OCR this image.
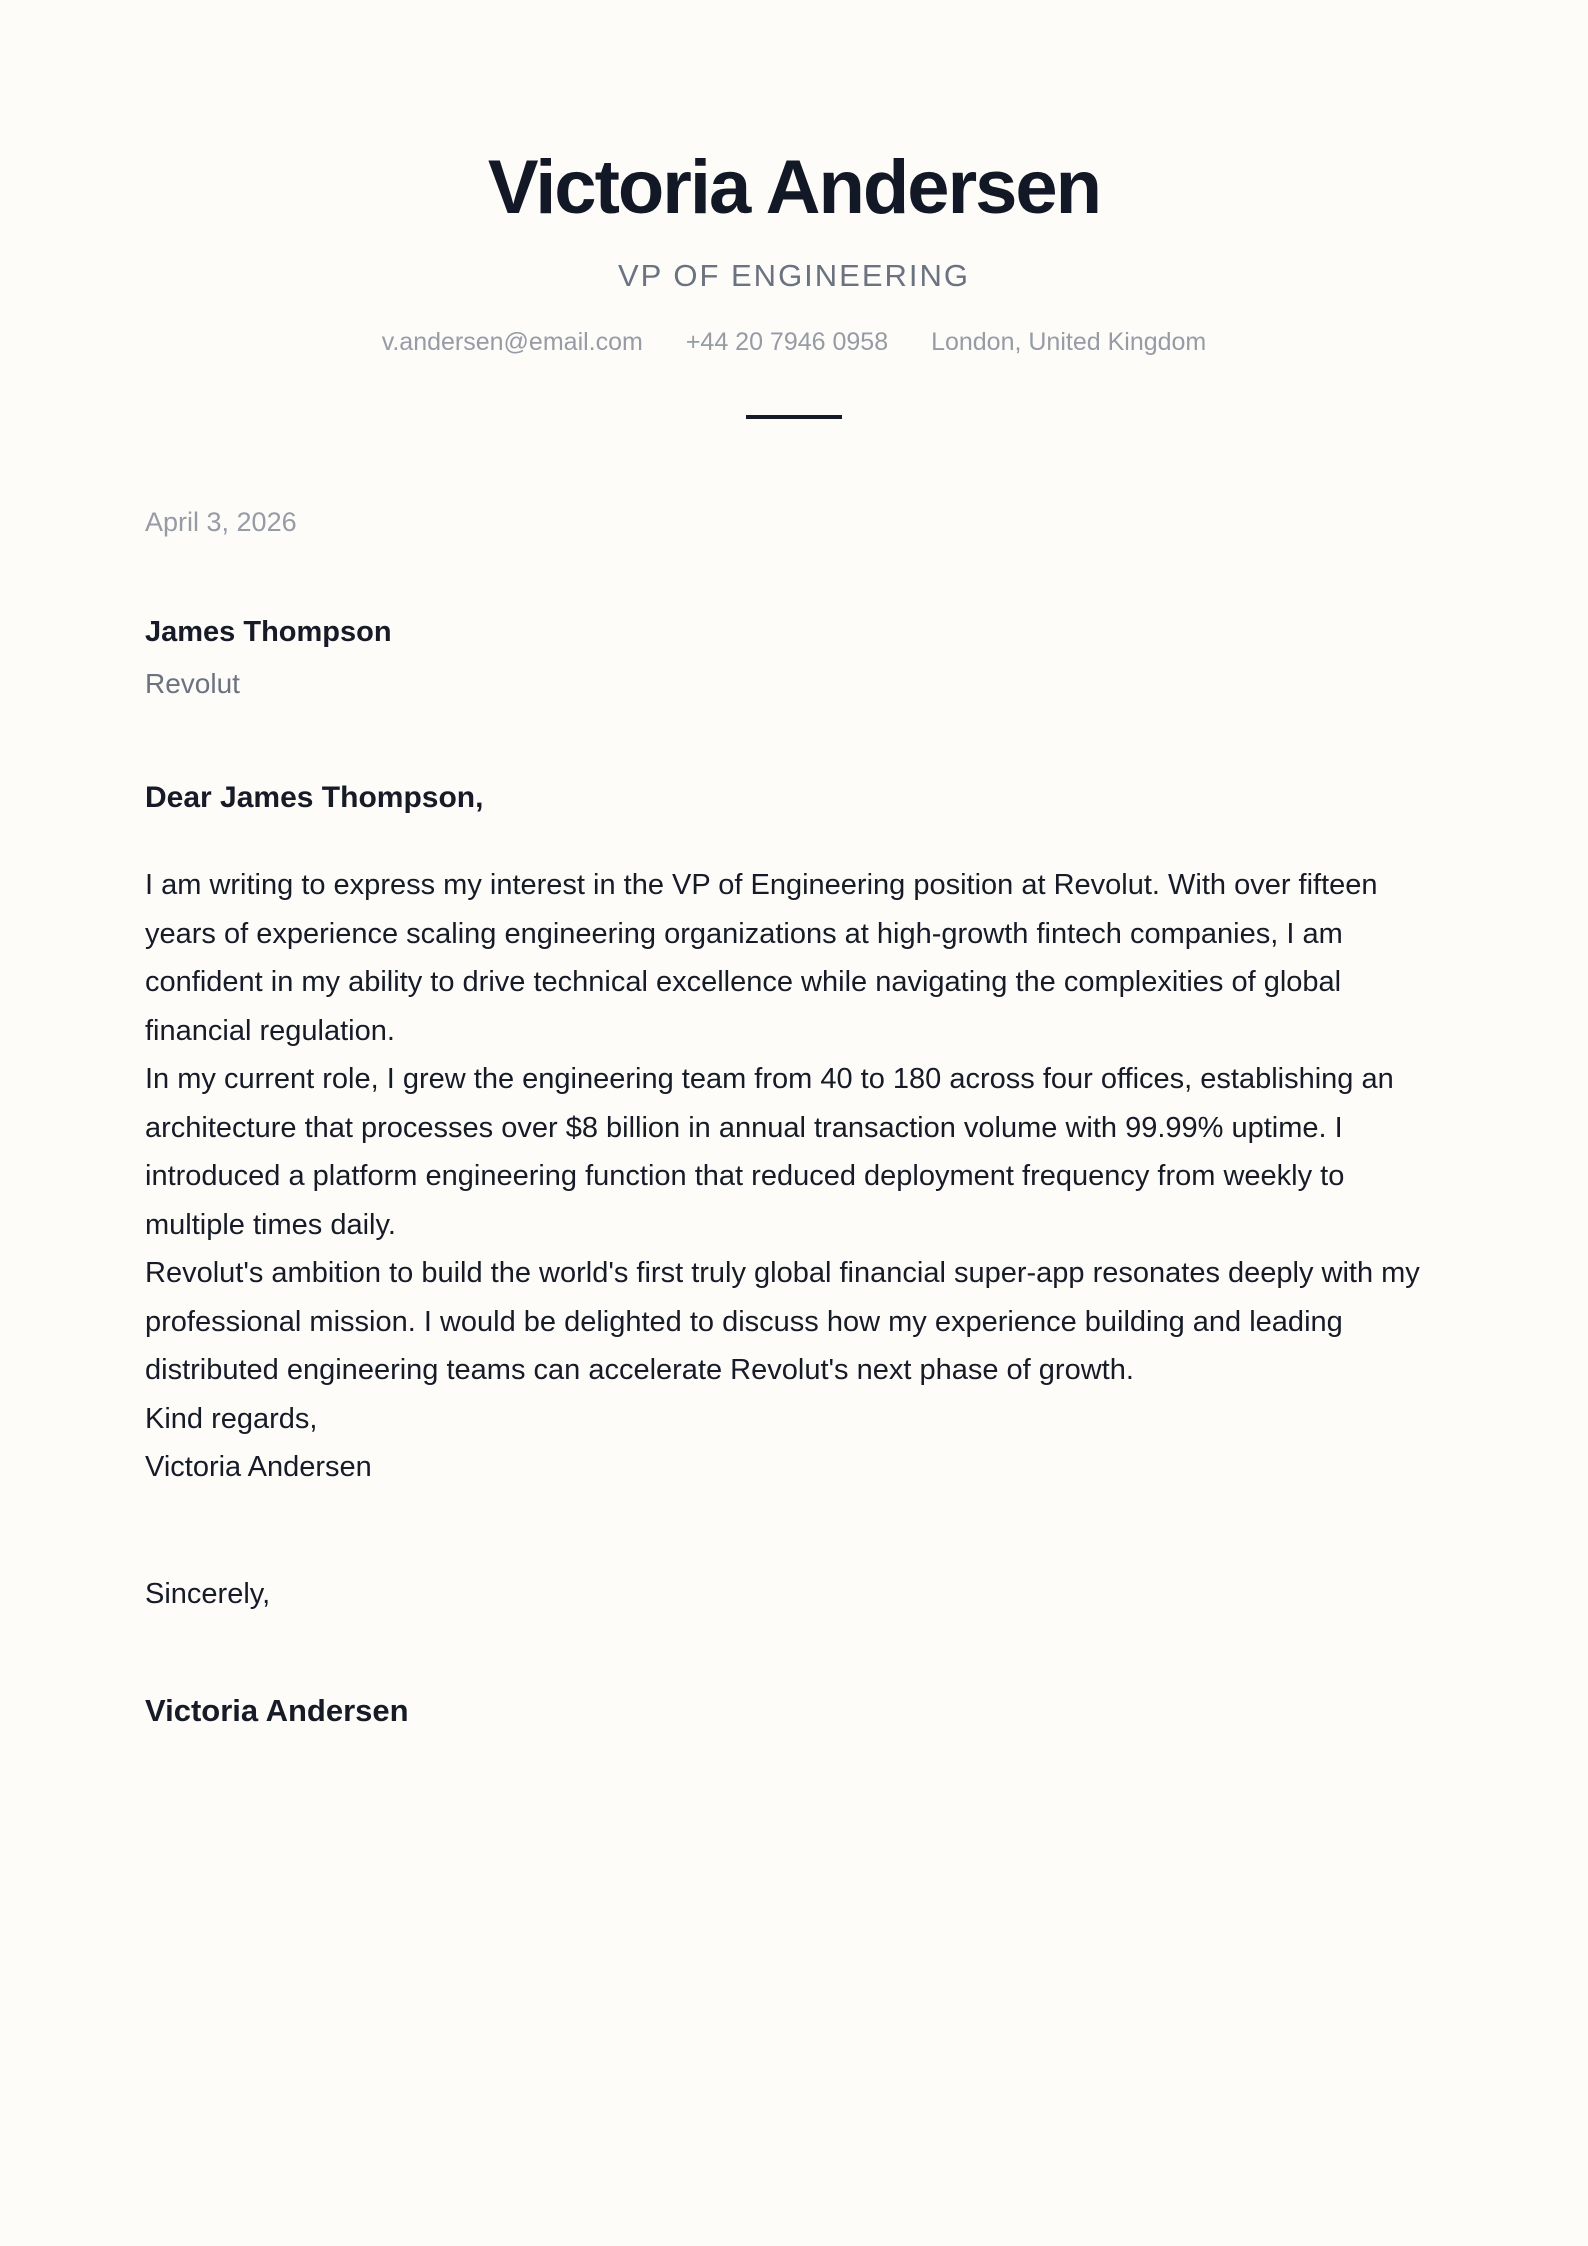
Victoria Andersen
VP OF ENGINEERING
v.andersen@email.com +44 20 7946 0958 London, United Kingdom
April 3, 2026
James Thompson
Revolut
Dear James Thompson,

I am writing to express my interest in the VP of Engineering position at Revolut. With over fifteen years of experience scaling engineering organizations at high-growth fintech companies, I am confident in my ability to drive technical excellence while navigating the complexities of global financial regulation.

In my current role, I grew the engineering team from 40 to 180 across four offices, establishing an architecture that processes over $8 billion in annual transaction volume with 99.99% uptime. I introduced a platform engineering function that reduced deployment frequency from weekly to multiple times daily.

Revolut's ambition to build the world's first truly global financial super-app resonates deeply with my professional mission. I would be delighted to discuss how my experience building and leading distributed engineering teams can accelerate Revolut's next phase of growth.

Kind regards,

Victoria Andersen

Sincerely,
Victoria Andersen
